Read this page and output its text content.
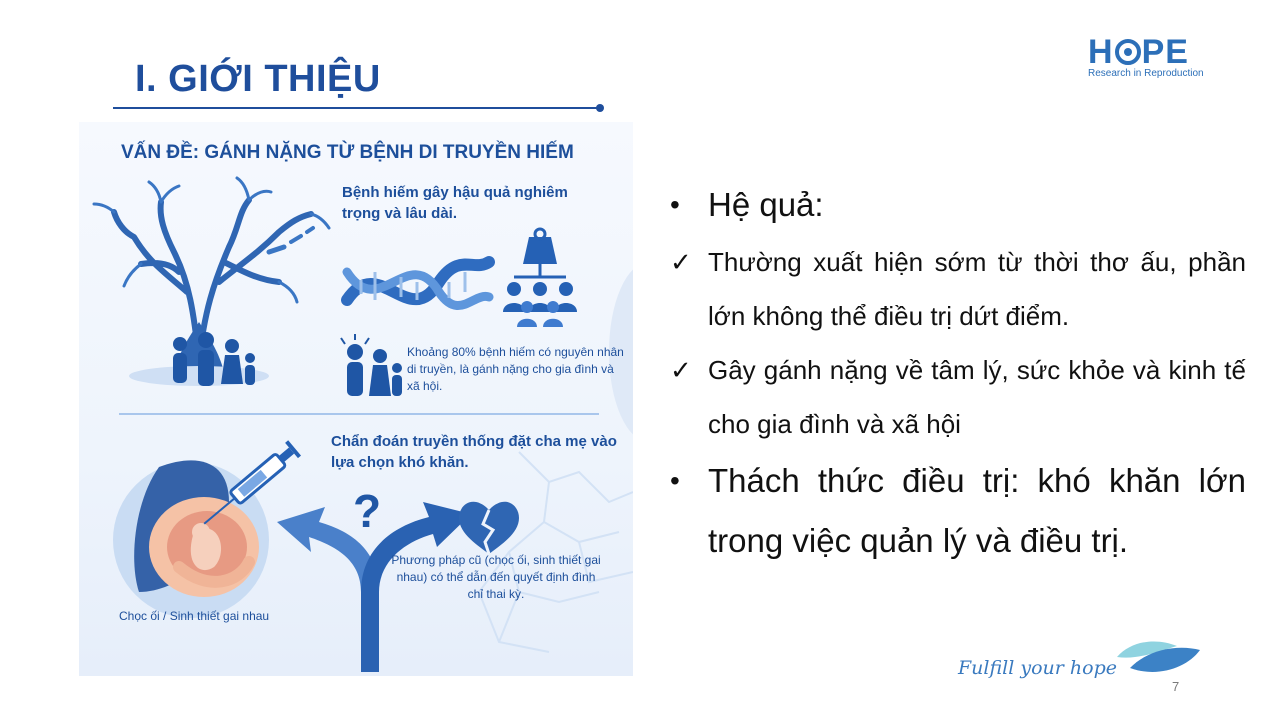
I. GIỚI THIỆU
H PE
Research in Reproduction
?
VẤN ĐỀ: GÁNH NẶNG TỪ BỆNH DI TRUYỀN HIẾM
Bệnh hiếm gây hậu quả nghiêm trọng và lâu dài.
Khoảng 80% bệnh hiếm có nguyên nhân di truyền, là gánh nặng cho gia đình và xã hội.
Chẩn đoán truyền thống đặt cha mẹ vào lựa chọn khó khăn.
Phương pháp cũ (chọc ối, sinh thiết gai nhau) có thể dẫn đến quyết định đình chỉ thai kỳ.
Chọc ối / Sinh thiết gai nhau
• Hệ quả:
✓ Thường xuất hiện sớm từ thời thơ ấu, phần lớn không thể điều trị dứt điểm.
✓ Gây gánh nặng về tâm lý, sức khỏe và kinh tế cho gia đình và xã hội
• Thách thức điều trị: khó khăn lớn trong việc quản lý và điều trị.
Fulfill your hope
7
